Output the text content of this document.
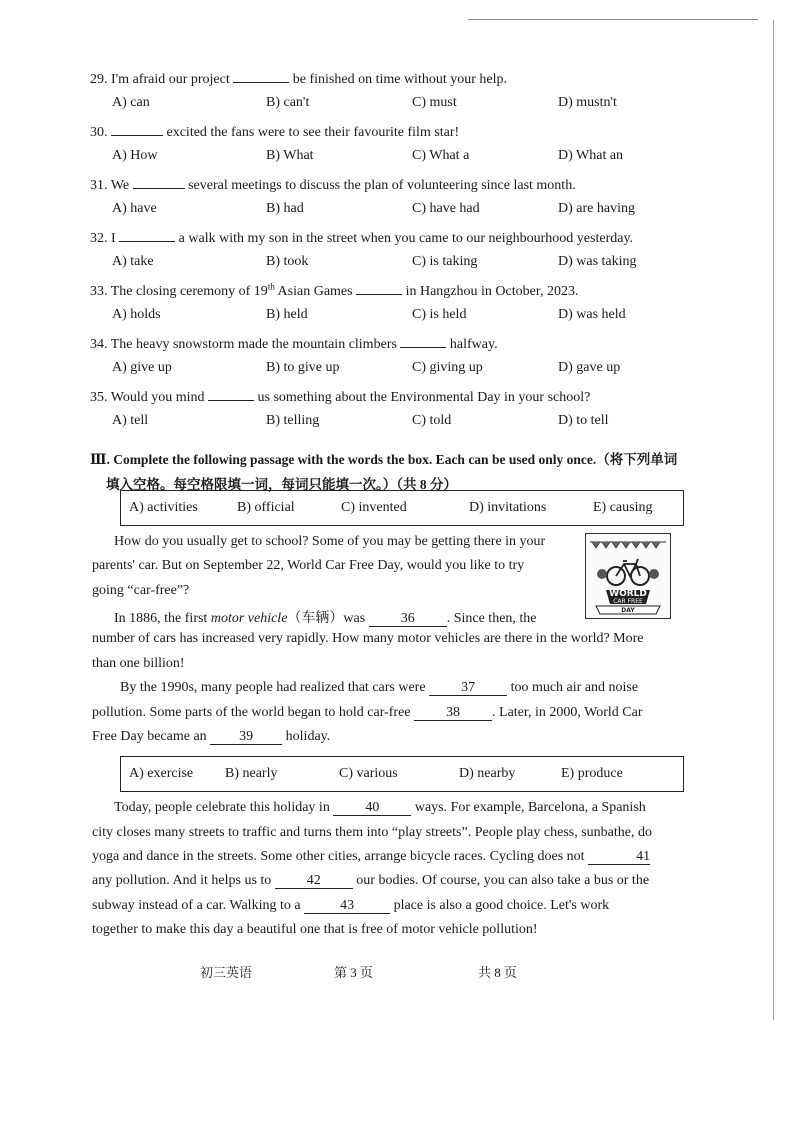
29. I'm afraid our project	be finished on time without your help.
A) can	B) can't	C) must	D) mustn't
30.	excited the fans were to see their favourite film star!
A) How	B) What	C) What a	D) What an
31. We	several meetings to discuss the plan of volunteering since last month.
A) have	B) had	C) have had	D) are having
32. I	a walk with my son in the street when you came to our neighbourhood yesterday.
A) take	B) took	C) is taking	D) was taking
33. The closing ceremony of 19th Asian Games	in Hangzhou in October, 2023.
A) holds	B) held	C) is held	D) was held
34. The heavy snowstorm made the mountain climbers	halfway.
A) give up	B) to give up	C) giving up	D) gave up
35. Would you mind	us something about the Environmental Day in your school?
A) tell	B) telling	C) told	D) to tell
Ⅲ. Complete the following passage with the words the box. Each can be used only once.（将下列单词
填入空格。每空格限填一词，每词只能填一次。）（共 8 分）
A) activities	B) official	C) invented	D) invitations	E) causing
WORLD
CAR FREE
DAY
How do you usually get to school? Some of you may be getting there in your
parents' car. But on September 22, World Car Free Day, would you like to try
going “car-free”?
In 1886, the first motor vehicle（车辆）was	36 . Since then, the
number of cars has increased very rapidly. How many motor vehicles are there in the world? More
than one billion!
By the 1990s, many people had realized that cars were	37	too much air and noise
pollution. Some parts of the world began to hold car-free	38 . Later, in 2000, World Car
Free Day became an 39 holiday.
A) exercise B) nearly	C) various	D) nearby	E) produce
Today, people celebrate this holiday in	40	ways. For example, Barcelona, a Spanish
city closes many streets to traffic and turns them into “play streets”. People play chess, sunbathe, do
yoga and dance in the streets. Some other cities, arrange bicycle races. Cycling does not	41
any pollution. And it helps us to	42	our bodies. Of course, you can also take a bus or the
subway instead of a car. Walking to a	43	place is also a good choice. Let's work
together to make this day a beautiful one that is free of motor vehicle pollution!
初三英语	第 3 页	共 8 页
